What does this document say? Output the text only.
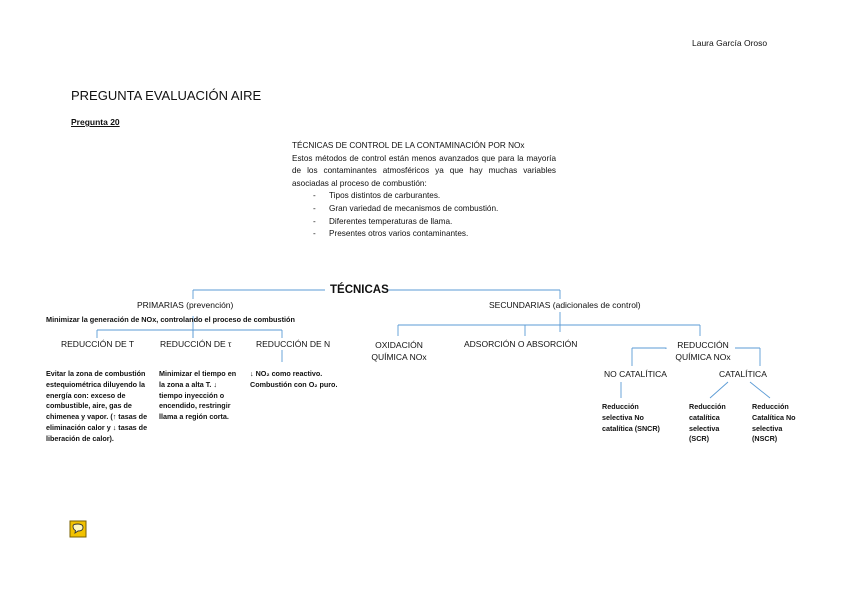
Laura García Oroso
PREGUNTA EVALUACIÓN AIRE
Pregunta 20

TÉCNICAS DE CONTROL DE LA CONTAMINACIÓN POR NOx

Estos métodos de control están menos avanzados que para la mayoría de los contaminantes atmosféricos ya que hay muchas variables asociadas al proceso de combustión:

- Tipos distintos de carburantes.
- Gran variedad de mecanismos de combustión.
- Diferentes temperaturas de llama.
- Presentes otros varios contaminantes.
TÉCNICAS
PRIMARIAS (prevención)
Minimizar la generación de NOx, controlando el proceso de combustión
REDUCCIÓN DE T	REDUCCIÓN DE τ	REDUCCIÓN DE N
Evitar la zona de combustión estequiométrica diluyendo la energía con: exceso de combustible, aire, gas de chimenea y vapor. (↑ tasas de eliminación calor y ↓ tasas de liberación de calor).
Minimizar el tiempo en la zona a alta T. ↓ tiempo inyección o encendido, restringir llama a región corta.
↓ NO₂ como reactivo. Combustión con O₂ puro.
SECUNDARIAS (adicionales de control)
OXIDACIÓN QUÍMICA NOx
ADSORCIÓN O ABSORCIÓN	REDUCCIÓN QUÍMICA NOx
NO CATALÍTICA	CATALÍTICA
Reducción selectiva No catalítica (SNCR)
Reducción catalítica selectiva (SCR)
Reducción Catalítica No selectiva (NSCR)
